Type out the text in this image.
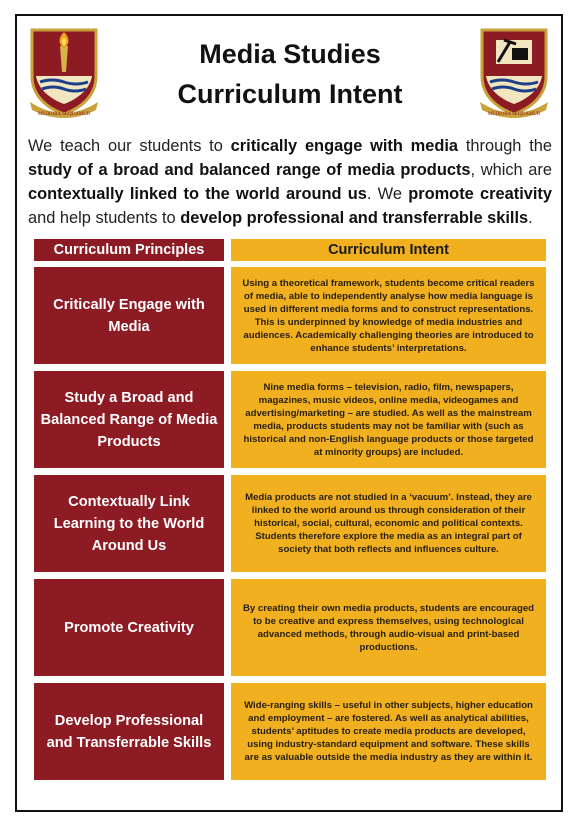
MEDIORA SEQUAMUR
Media Studies
Curriculum Intent
MEDIORA SEQUAMUR
We teach our students to critically engage with media through the study of a broad and balanced range of media products, which are contextually linked to the world around us. We promote creativity and help students to develop professional and transferrable skills.
Curriculum Principles	Curriculum Intent
Critically Engage with Media
Using a theoretical framework, students become critical readers of media, able to independently analyse how media language is used in different media forms and to construct representations. This is underpinned by knowledge of media industries and audiences. Academically challenging theories are introduced to enhance students’ interpretations.
Study a Broad and Balanced Range of Media Products
Nine media forms – television, radio, film, newspapers, magazines, music videos, online media, videogames and advertising/marketing – are studied. As well as the mainstream media, products students may not be familiar with (such as historical and non-English language products or those targeted at minority groups) are included.
Contextually Link Learning to the World Around Us
Media products are not studied in a ‘vacuum’. Instead, they are linked to the world around us through consideration of their historical, social, cultural, economic and political contexts. Students therefore explore the media as an integral part of society that both reflects and influences culture.
Promote Creativity
By creating their own media products, students are encouraged to be creative and express themselves, using technological advanced methods, through audio-visual and print-based productions.
Develop Professional and Transferrable Skills
Wide-ranging skills – useful in other subjects, higher education and employment – are fostered. As well as analytical abilities, students’ aptitudes to create media products are developed, using industry-standard equipment and software. These skills are as valuable outside the media industry as they are within it.
